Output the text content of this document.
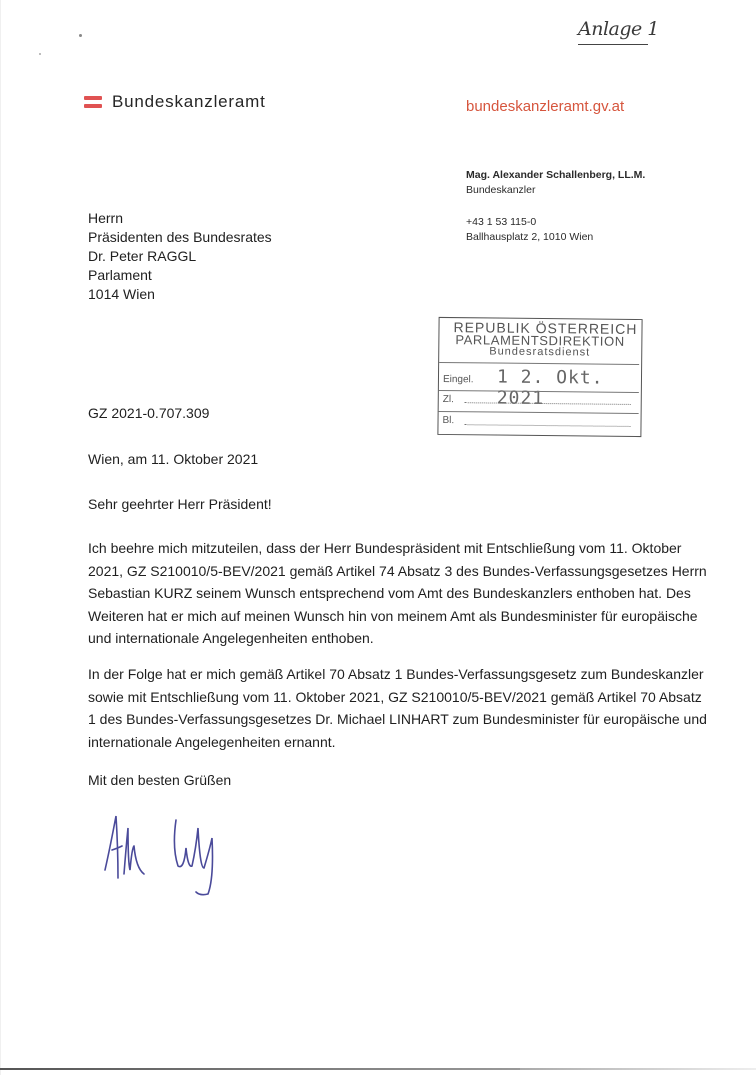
Anlage 1
Bundeskanzleramt	bundeskanzleramt.gv.at
Mag. Alexander Schallenberg, LL.M.
Bundeskanzler
+43 1 53 115-0
Ballhausplatz 2, 1010 Wien
Herrn
Präsidenten des Bundesrates
Dr. Peter RAGGL
Parlament
1014 Wien
REPUBLIK ÖSTERREICH
PARLAMENTSDIREKTION
Bundesratsdienst
Eingel. 1 2. Okt. 2021
Zl.
Bl.
GZ 2021-0.707.309
Wien, am 11. Oktober 2021
Sehr geehrter Herr Präsident!
Ich beehre mich mitzuteilen, dass der Herr Bundespräsident mit Entschließung vom 11. Oktober 2021, GZ S210010/5-BEV/2021 gemäß Artikel 74 Absatz 3 des Bundes-Verfassungsgesetzes Herrn Sebastian KURZ seinem Wunsch entsprechend vom Amt des Bundeskanzlers enthoben hat. Des Weiteren hat er mich auf meinen Wunsch hin von meinem Amt als Bundesminister für europäische und internationale Angelegenheiten enthoben.
In der Folge hat er mich gemäß Artikel 70 Absatz 1 Bundes-Verfassungsgesetz zum Bundeskanzler sowie mit Entschließung vom 11. Oktober 2021, GZ S210010/5-BEV/2021 gemäß Artikel 70 Absatz 1 des Bundes-Verfassungsgesetzes Dr. Michael LINHART zum Bundesminister für europäische und internationale Angelegenheiten ernannt.
Mit den besten Grüßen
